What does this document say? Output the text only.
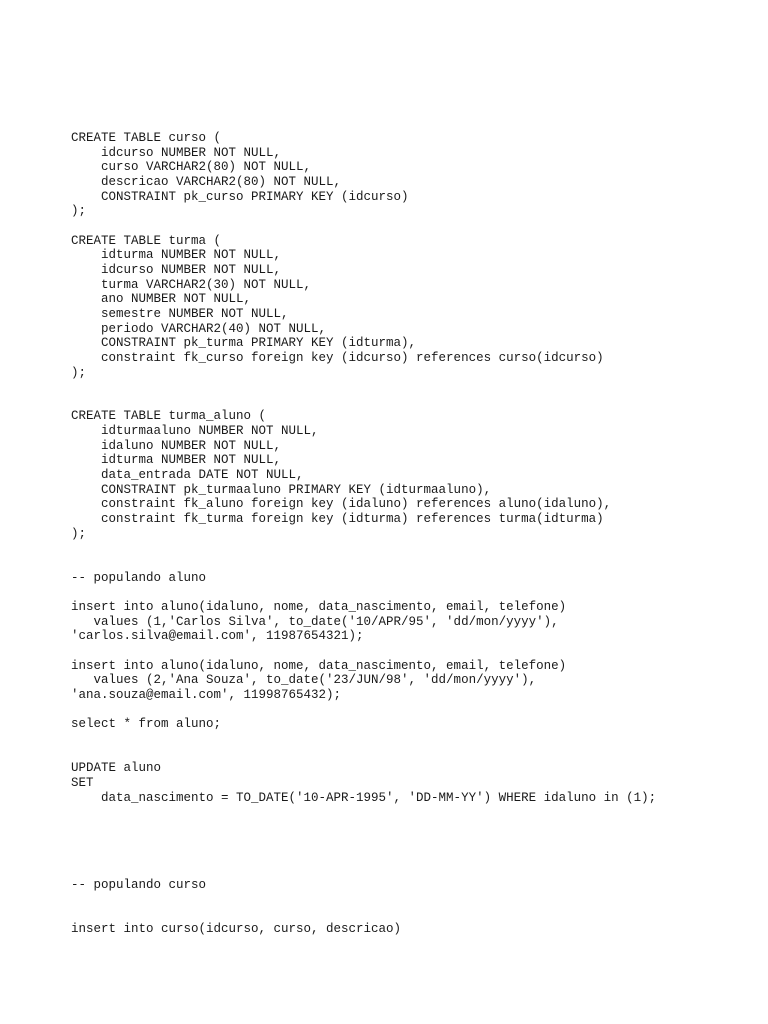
CREATE TABLE curso (
idcurso NUMBER NOT NULL,
curso VARCHAR2(80) NOT NULL,
descricao VARCHAR2(80) NOT NULL,
CONSTRAINT pk_curso PRIMARY KEY (idcurso)
);
CREATE TABLE turma (
idturma NUMBER NOT NULL,
idcurso NUMBER NOT NULL,
turma VARCHAR2(30) NOT NULL,
ano NUMBER NOT NULL,
semestre NUMBER NOT NULL,
periodo VARCHAR2(40) NOT NULL,
CONSTRAINT pk_turma PRIMARY KEY (idturma),
constraint fk_curso foreign key (idcurso) references curso(idcurso)
);
CREATE TABLE turma_aluno (
idturmaaluno NUMBER NOT NULL,
idaluno NUMBER NOT NULL,
idturma NUMBER NOT NULL,
data_entrada DATE NOT NULL,
CONSTRAINT pk_turmaaluno PRIMARY KEY (idturmaaluno),
constraint fk_aluno foreign key (idaluno) references aluno(idaluno),
constraint fk_turma foreign key (idturma) references turma(idturma)
);
-- populando aluno
insert into aluno(idaluno, nome, data_nascimento, email, telefone)
values (1,'Carlos Silva', to_date('10/APR/95', 'dd/mon/yyyy'),
'carlos.silva@email.com', 11987654321);
insert into aluno(idaluno, nome, data_nascimento, email, telefone)
values (2,'Ana Souza', to_date('23/JUN/98', 'dd/mon/yyyy'),
'ana.souza@email.com', 11998765432);
select * from aluno;
UPDATE aluno
SET
data_nascimento = TO_DATE('10-APR-1995', 'DD-MM-YY') WHERE idaluno in (1);
-- populando curso
insert into curso(idcurso, curso, descricao)
